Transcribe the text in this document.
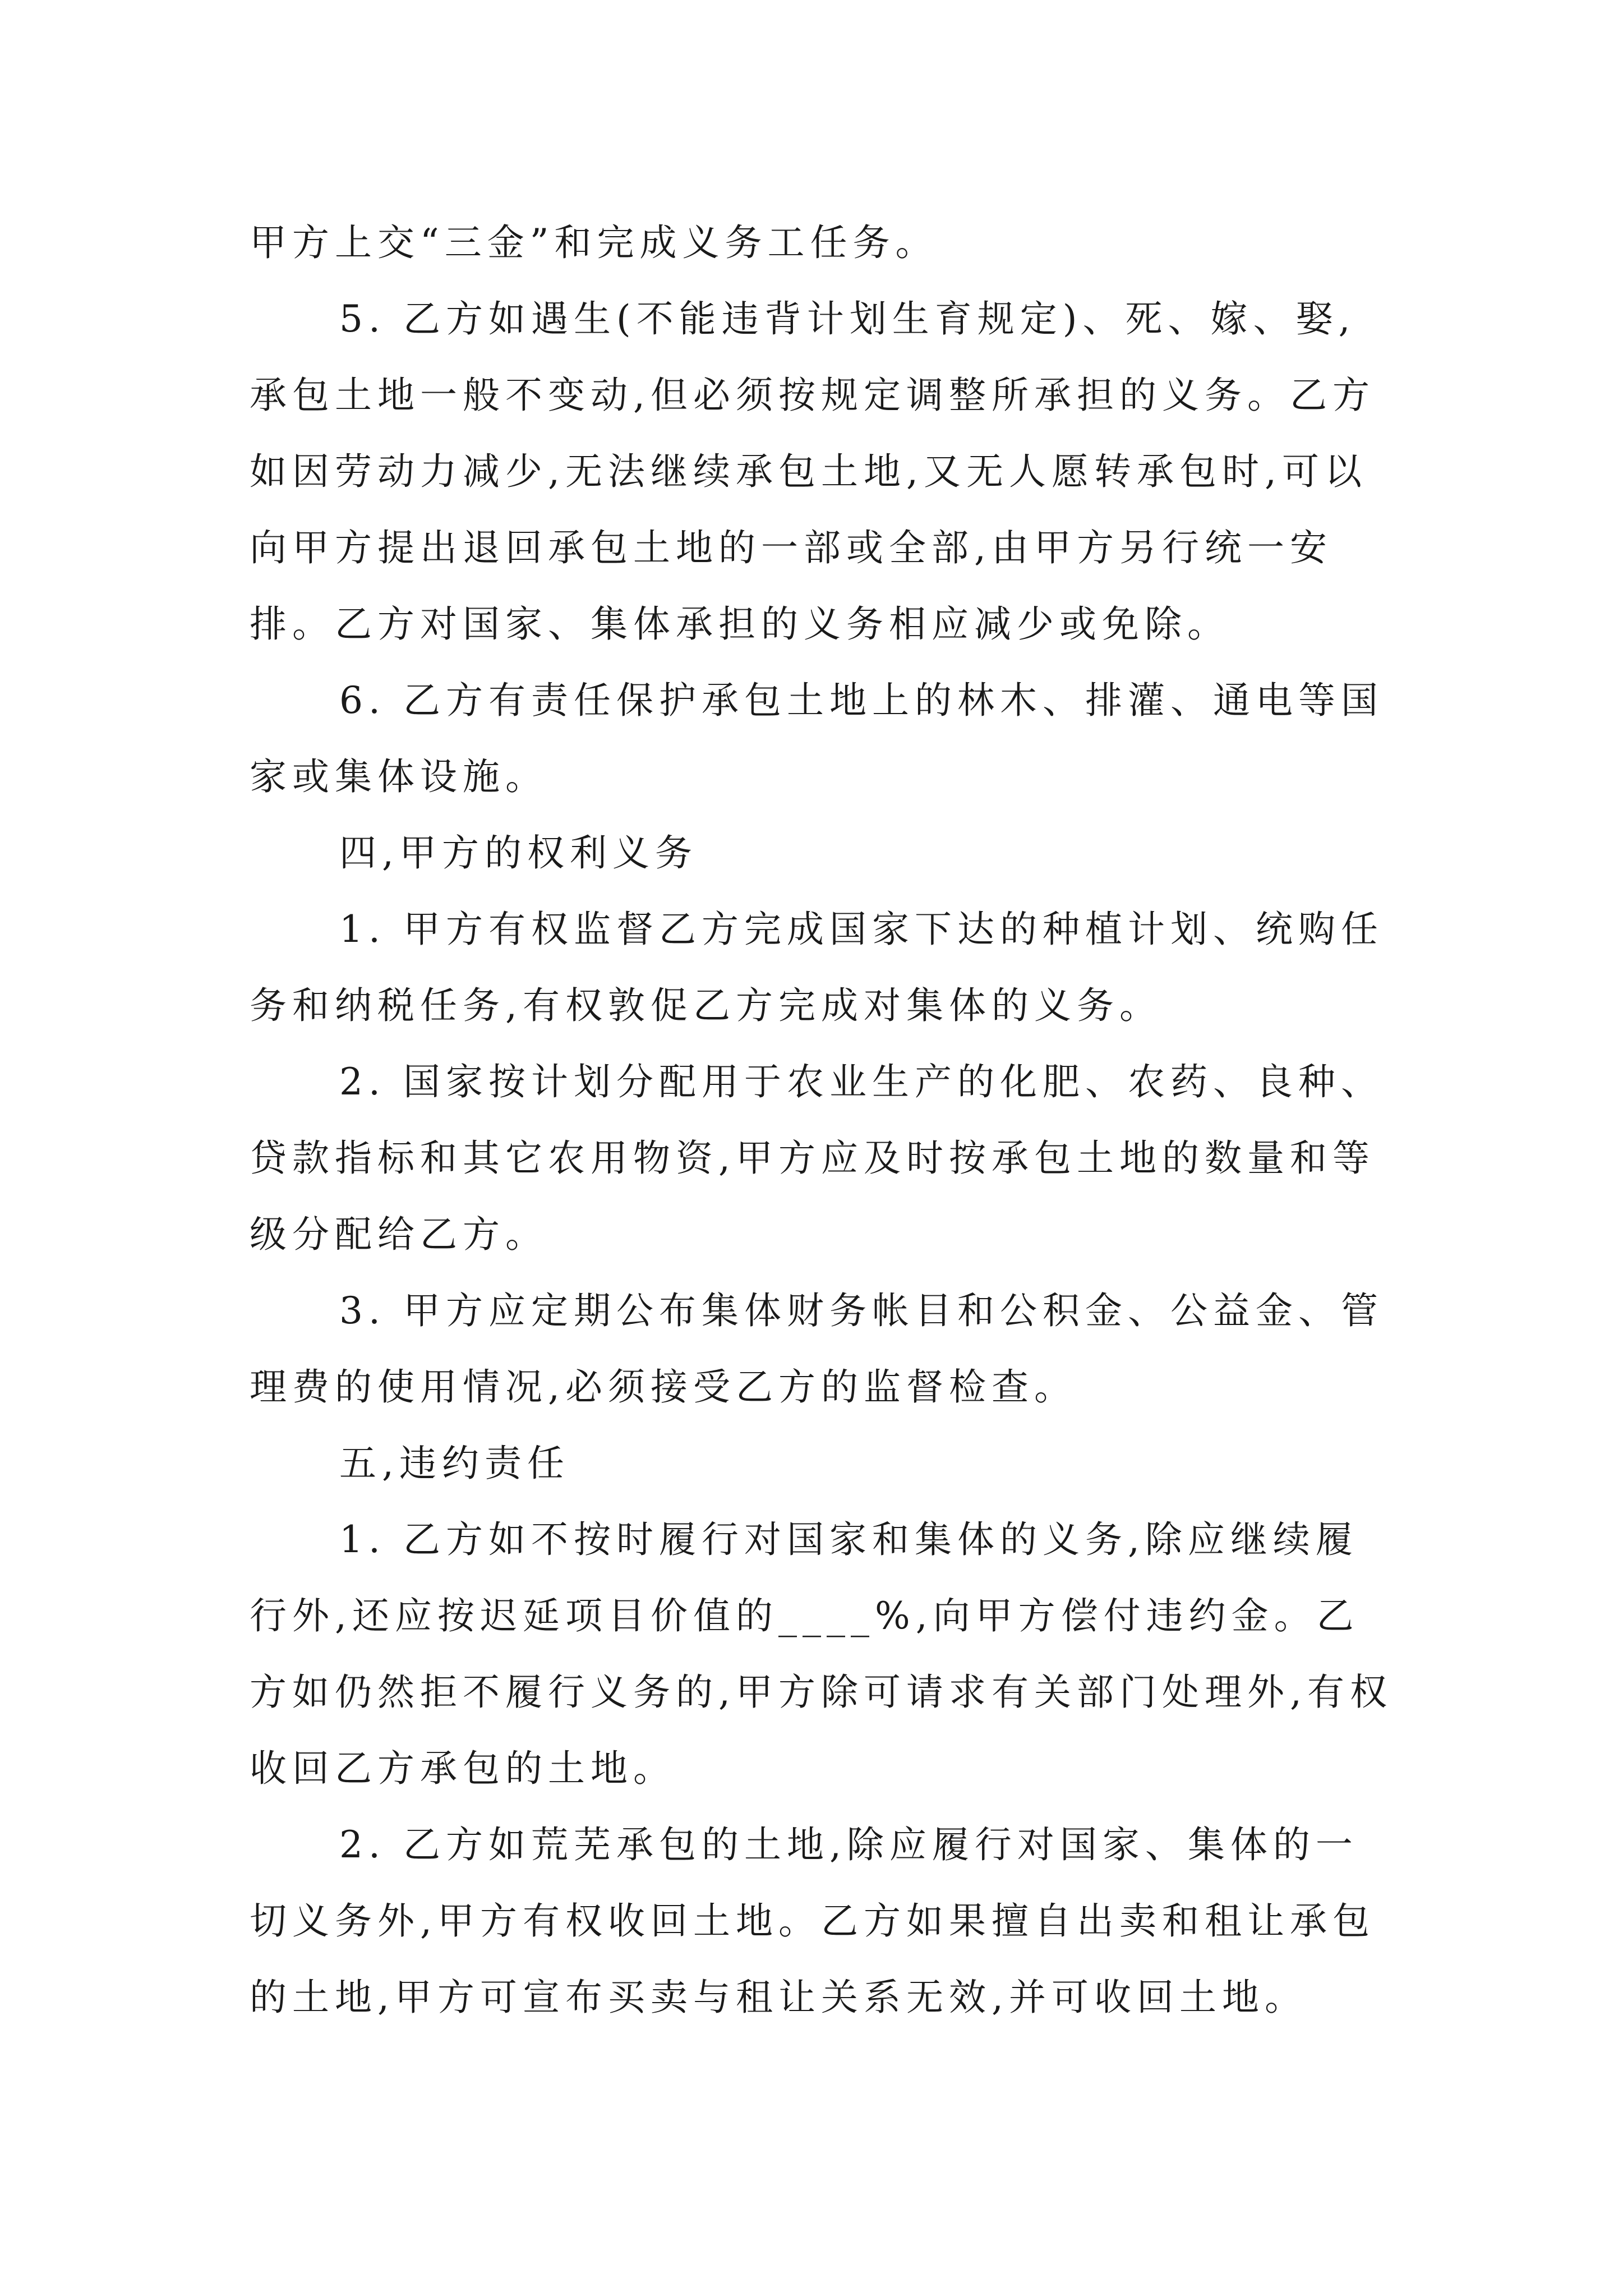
甲方上交“三金”和完成义务工任务。

5. 乙方如遇生(不能违背计划生育规定)、死、嫁、娶,承包土地一般不变动,但必须按规定调整所承担的义务。乙方如因劳动力减少,无法继续承包土地,又无人愿转承包时,可以向甲方提出退回承包土地的一部或全部,由甲方另行统一安排。乙方对国家、集体承担的义务相应减少或免除。

6. 乙方有责任保护承包土地上的林木、排灌、通电等国家或集体设施。

四,甲方的权利义务

1. 甲方有权监督乙方完成国家下达的种植计划、统购任务和纳税任务,有权敦促乙方完成对集体的义务。

2. 国家按计划分配用于农业生产的化肥、农药、良种、贷款指标和其它农用物资,甲方应及时按承包土地的数量和等级分配给乙方。

3. 甲方应定期公布集体财务帐目和公积金、公益金、管理费的使用情况,必须接受乙方的监督检查。

五,违约责任

1. 乙方如不按时履行对国家和集体的义务,除应继续履行外,还应按迟延项目价值的____%,向甲方偿付违约金。乙方如仍然拒不履行义务的,甲方除可请求有关部门处理外,有权收回乙方承包的土地。

2. 乙方如荒芜承包的土地,除应履行对国家、集体的一切义务外,甲方有权收回土地。乙方如果擅自出卖和租让承包的土地,甲方可宣布买卖与租让关系无效,并可收回土地。
